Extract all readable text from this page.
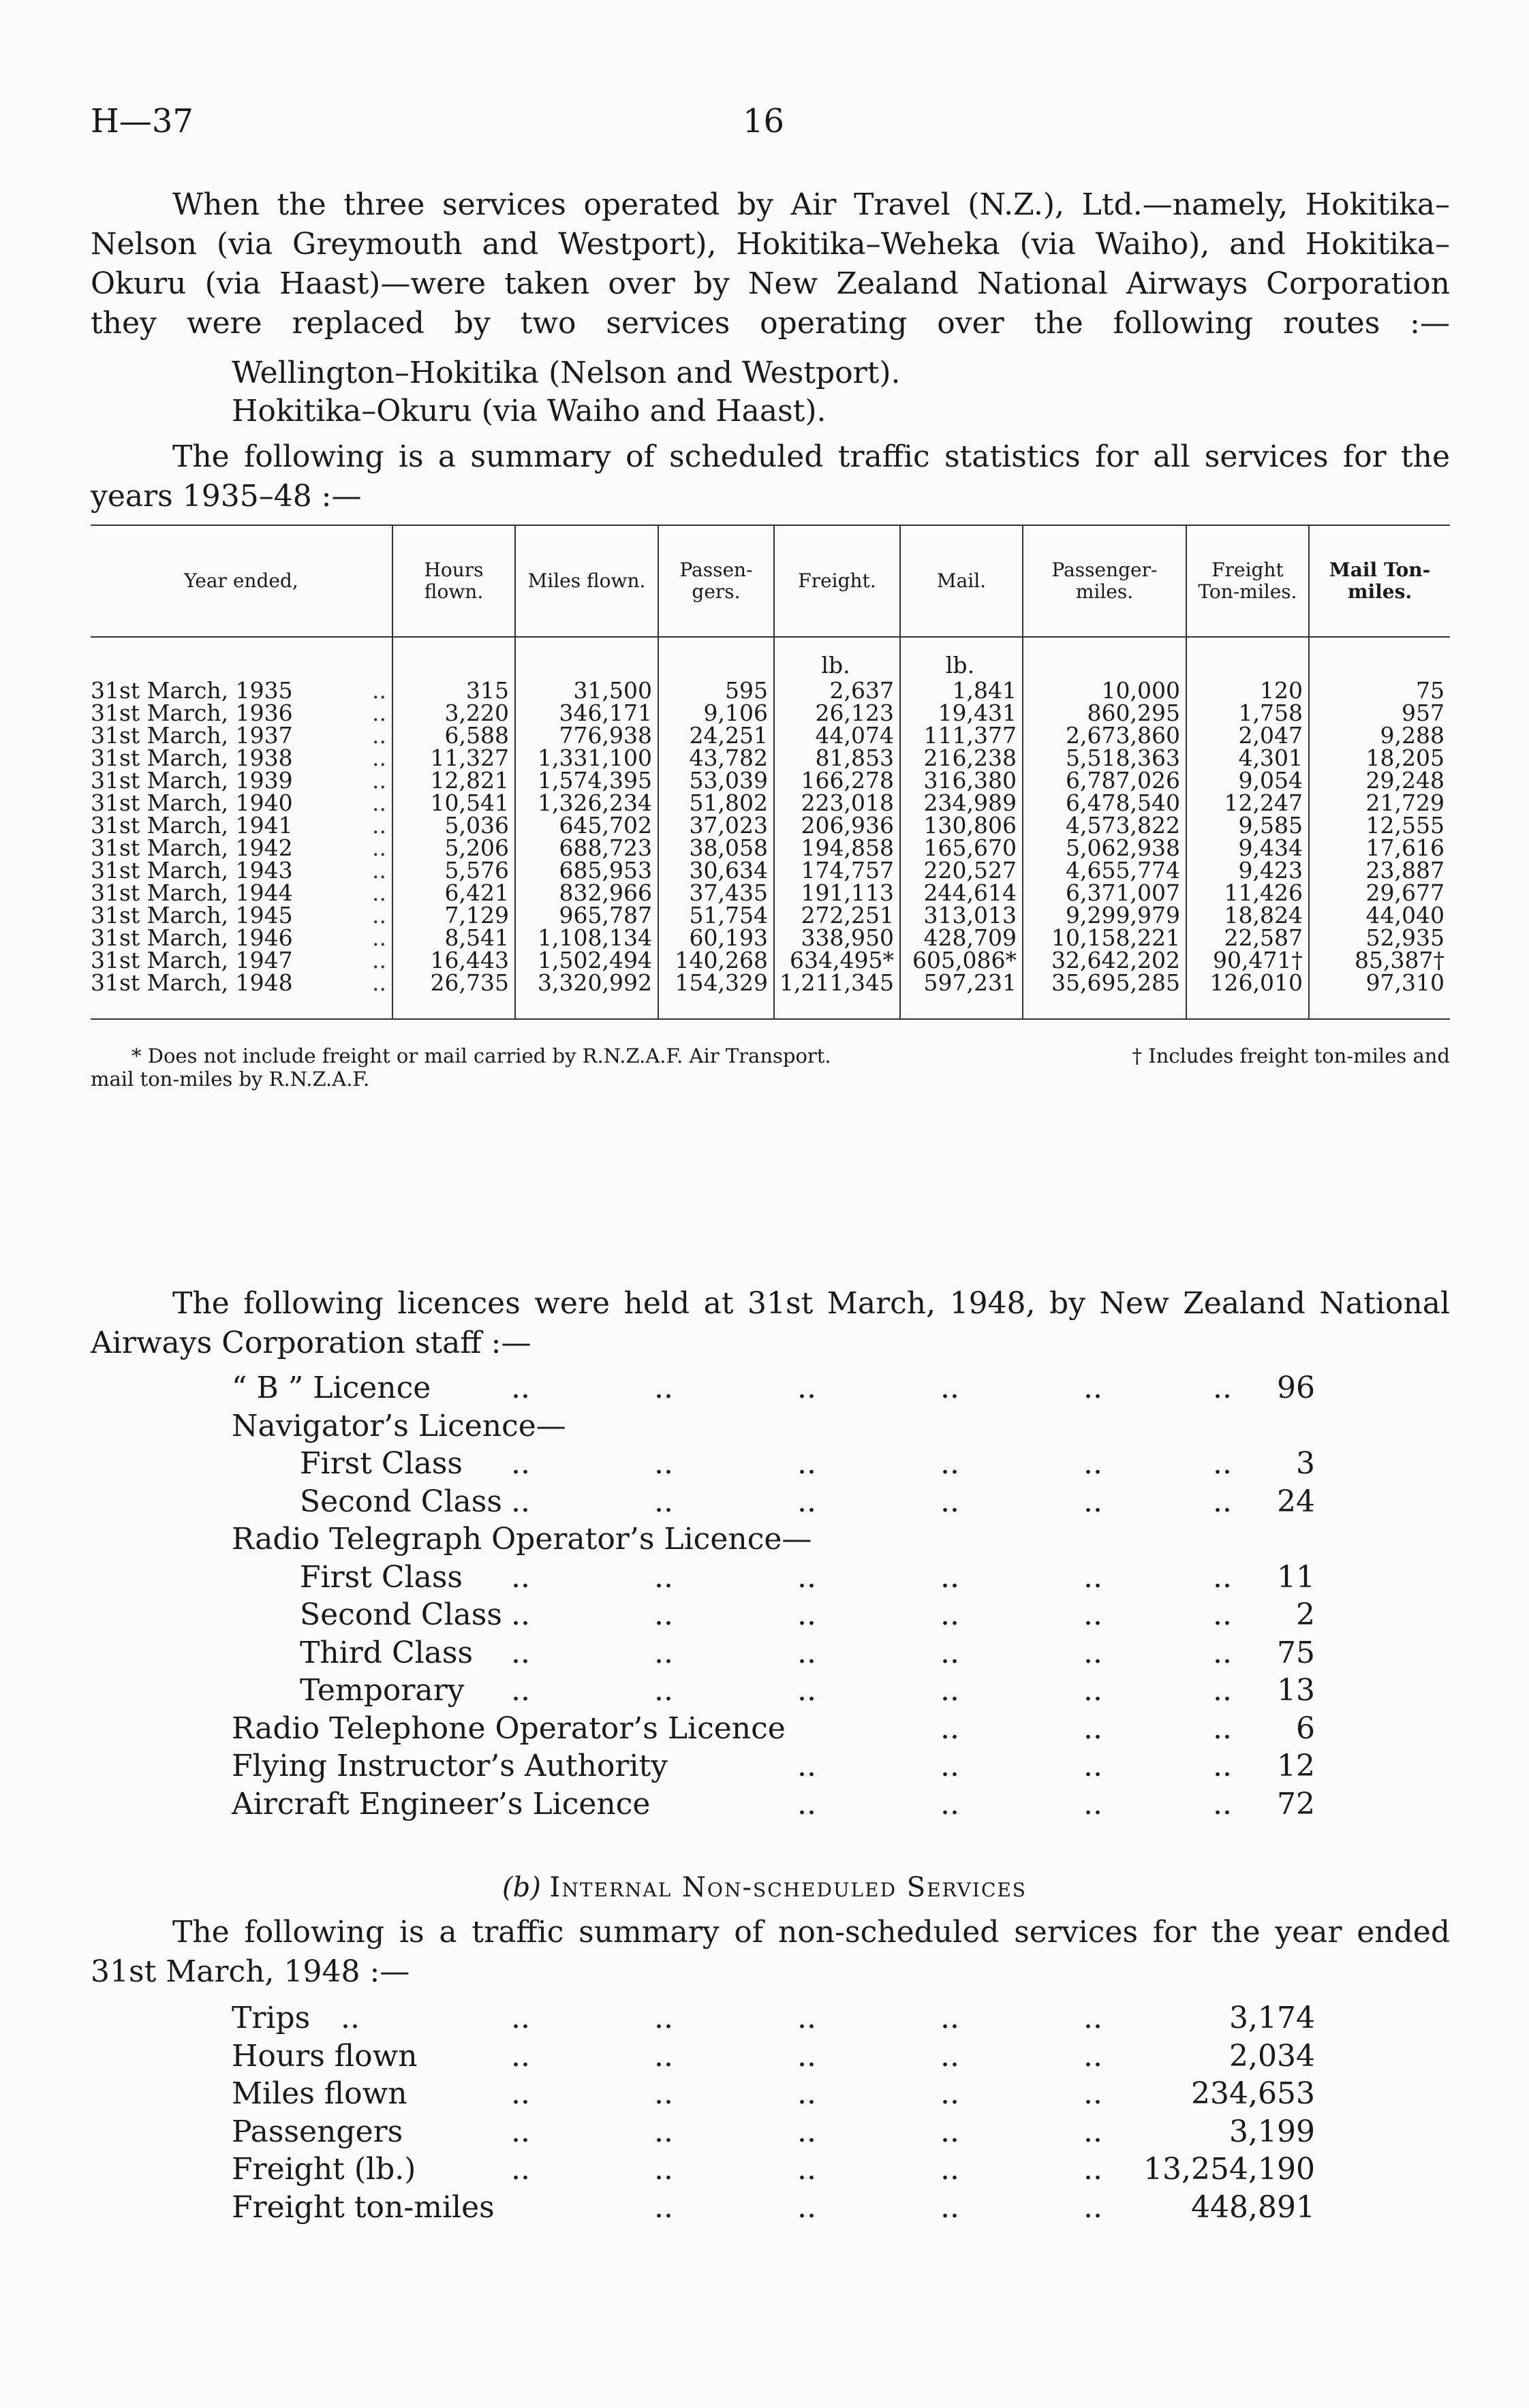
H—37	16
When the three services operated by Air Travel (N.Z.), Ltd.—namely, Hokitika–
Nelson (via Greymouth and Westport), Hokitika–Weheka (via Waiho), and Hokitika–
Okuru (via Haast)—were taken over by New Zealand National Airways Corporation
they were replaced by two services operating over the following routes :—
Wellington–Hokitika (Nelson and Westport).
Hokitika–Okuru (via Waiho and Haast).
The following is a summary of scheduled traffic statistics for all services for the
years 1935–48 :—
Year ended,	Hours flown.	Miles flown.	Passen-gers.	Freight.	Mail.	Passenger-miles.	Freight Ton-miles.	Mail Ton-miles.
				lb.	lb.			
31st March, 1935 ..	315	31,500	595	2,637	1,841	10,000	120	75
31st March, 1936 ..	3,220	346,171	9,106	26,123	19,431	860,295	1,758	957
31st March, 1937 ..	6,588	776,938	24,251	44,074	111,377	2,673,860	2,047	9,288
31st March, 1938 ..	11,327	1,331,100	43,782	81,853	216,238	5,518,363	4,301	18,205
31st March, 1939 ..	12,821	1,574,395	53,039	166,278	316,380	6,787,026	9,054	29,248
31st March, 1940 ..	10,541	1,326,234	51,802	223,018	234,989	6,478,540	12,247	21,729
31st March, 1941 ..	5,036	645,702	37,023	206,936	130,806	4,573,822	9,585	12,555
31st March, 1942 ..	5,206	688,723	38,058	194,858	165,670	5,062,938	9,434	17,616
31st March, 1943 ..	5,576	685,953	30,634	174,757	220,527	4,655,774	9,423	23,887
31st March, 1944 ..	6,421	832,966	37,435	191,113	244,614	6,371,007	11,426	29,677
31st March, 1945 ..	7,129	965,787	51,754	272,251	313,013	9,299,979	18,824	44,040
31st March, 1946 ..	8,541	1,108,134	60,193	338,950	428,709	10,158,221	22,587	52,935
31st March, 1947 ..	16,443	1,502,494	140,268	634,495*	605,086*	32,642,202	90,471†	85,387†
31st March, 1948 ..	26,735	3,320,992	154,329	1,211,345	597,231	35,695,285	126,010	97,310
* Does not include freight or mail carried by R.N.Z.A.F. Air Transport.	† Includes freight ton-miles and
mail ton-miles by R.N.Z.A.F.
The following licences were held at 31st March, 1948, by New Zealand National
Airways Corporation staff :—
“ B ” Licence	96
..	..	..	..	..	..
Navigator’s Licence—
First Class	3
..	..	..	..	..	..
Second Class	24
..	..	..	..	..	..
Radio Telegraph Operator’s Licence—
First Class	11
..	..	..	..	..	..
Second Class	2
..	..	..	..	..	..
Third Class	75
..	..	..	..	..	..
Temporary	13
..	..	..	..	..	..
Radio Telephone Operator’s Licence	6
..	..	..
Flying Instructor’s Authority	12
..	..	..	..
Aircraft Engineer’s Licence	72
..	..	..	..
(b) Internal Non-scheduled Services
The following is a traffic summary of non-scheduled services for the year ended
31st March, 1948 :—
Trips	3,174
..	..	..	..	..	..
Hours flown	2,034
..	..	..	..	..
Miles flown	234,653
..	..	..	..	..
Passengers	3,199
..	..	..	..	..
Freight (lb.)	13,254,190
..	..	..	..	..
Freight ton-miles	448,891
..	..	..	..
